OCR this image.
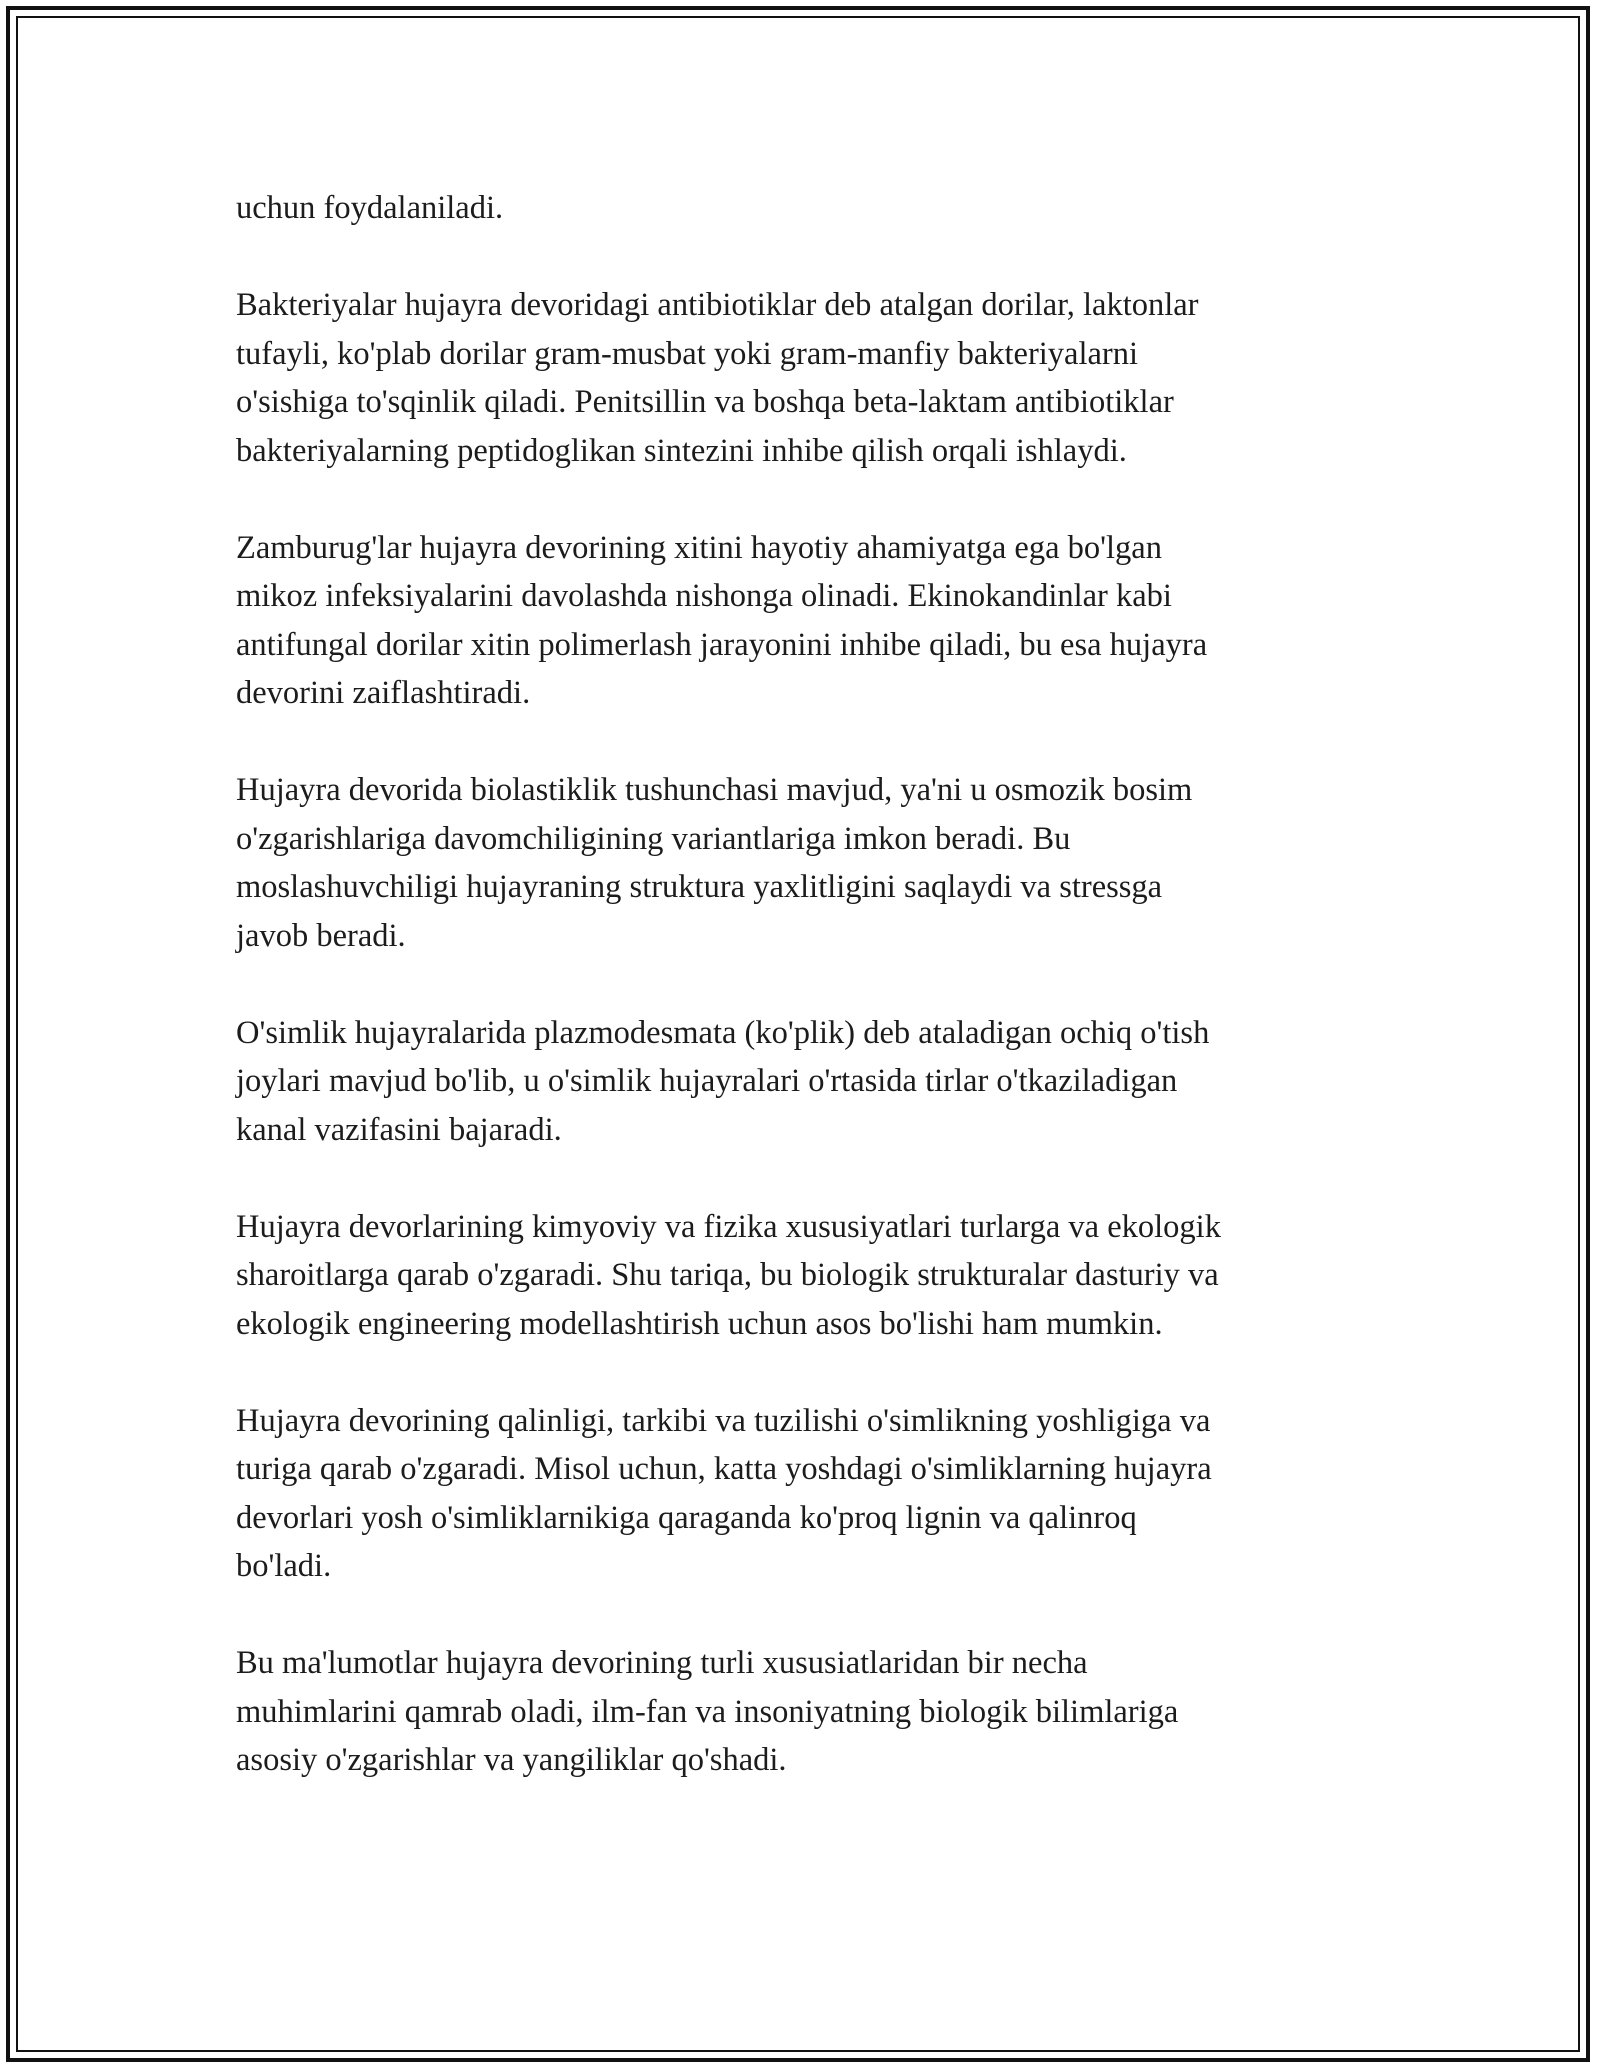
uchun foydalaniladi.

Bakteriyalar hujayra devoridagi antibiotiklar deb atalgan dorilar, laktonlar
tufayli, ko'plab dorilar gram-musbat yoki gram-manfiy bakteriyalarni
o'sishiga to'sqinlik qiladi. Penitsillin va boshqa beta-laktam antibiotiklar
bakteriyalarning peptidoglikan sintezini inhibe qilish orqali ishlaydi.

Zamburug'lar hujayra devorining xitini hayotiy ahamiyatga ega bo'lgan
mikoz infeksiyalarini davolashda nishonga olinadi. Ekinokandinlar kabi
antifungal dorilar xitin polimerlash jarayonini inhibe qiladi, bu esa hujayra
devorini zaiflashtiradi.

Hujayra devorida biolastiklik tushunchasi mavjud, ya'ni u osmozik bosim
o'zgarishlariga davomchiligining variantlariga imkon beradi. Bu
moslashuvchiligi hujayraning struktura yaxlitligini saqlaydi va stressga
javob beradi.

O'simlik hujayralarida plazmodesmata (ko'plik) deb ataladigan ochiq o'tish
joylari mavjud bo'lib, u o'simlik hujayralari o'rtasida tirlar o'tkaziladigan
kanal vazifasini bajaradi.

Hujayra devorlarining kimyoviy va fizika xususiyatlari turlarga va ekologik
sharoitlarga qarab o'zgaradi. Shu tariqa, bu biologik strukturalar dasturiy va
ekologik engineering modellashtirish uchun asos bo'lishi ham mumkin.

Hujayra devorining qalinligi, tarkibi va tuzilishi o'simlikning yoshligiga va
turiga qarab o'zgaradi. Misol uchun, katta yoshdagi o'simliklarning hujayra
devorlari yosh o'simliklarnikiga qaraganda ko'proq lignin va qalinroq
bo'ladi.

Bu ma'lumotlar hujayra devorining turli xususiatlaridan bir necha
muhimlarini qamrab oladi, ilm-fan va insoniyatning biologik bilimlariga
asosiy o'zgarishlar va yangiliklar qo'shadi.
